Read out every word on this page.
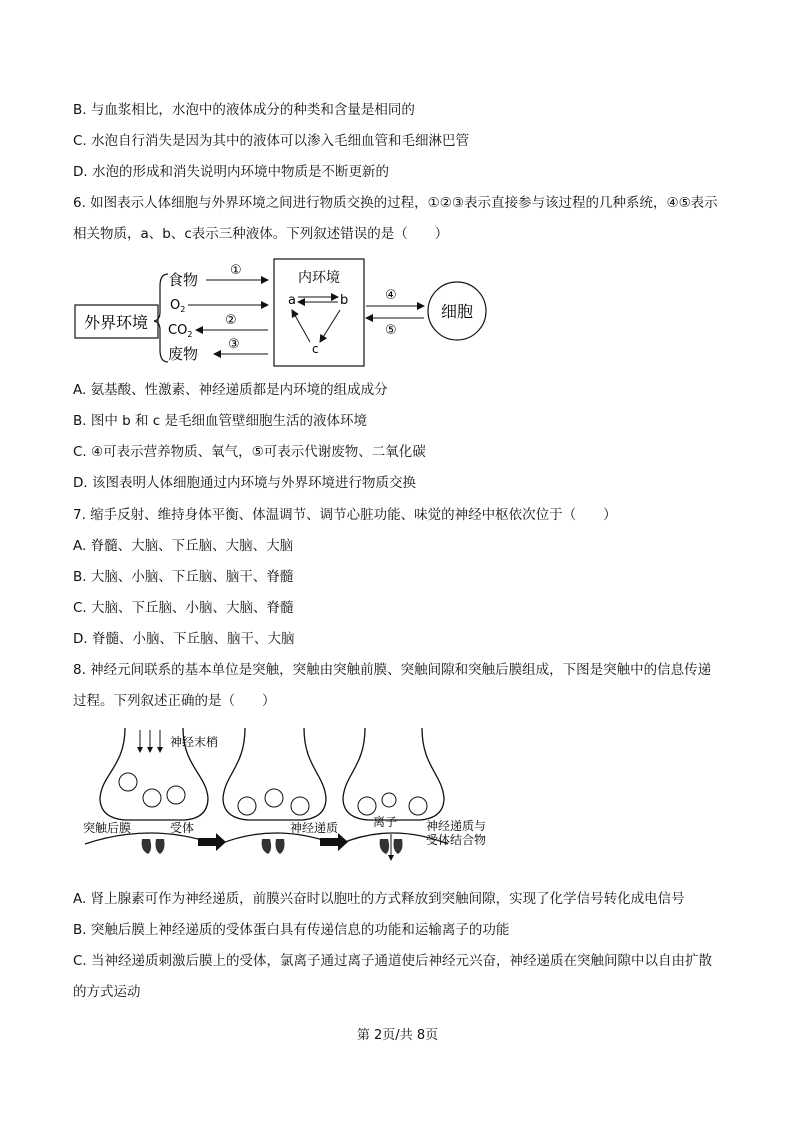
B. 与血浆相比，水泡中的液体成分的种类和含量是相同的
C. 水泡自行消失是因为其中的液体可以渗入毛细血管和毛细淋巴管
D. 水泡的形成和消失说明内环境中物质是不断更新的
6. 如图表示人体细胞与外界环境之间进行物质交换的过程，①②③表示直接参与该过程的几种系统，④⑤表示相关物质，a、b、c表示三种液体。下列叙述错误的是（　　）
外界环境
食物
$O_2$
$CO_2$
废物
①
②
③
内环境
a	b
c
④
⑤
细胞
A. 氨基酸、性激素、神经递质都是内环境的组成成分
B. 图中 b 和 c 是毛细血管壁细胞生活的液体环境
C. ④可表示营养物质、氧气，⑤可表示代谢废物、二氧化碳
D. 该图表明人体细胞通过内环境与外界环境进行物质交换
7. 缩手反射、维持身体平衡、体温调节、调节心脏功能、味觉的神经中枢依次位于（　　）
A. 脊髓、大脑、下丘脑、大脑、大脑
B. 大脑、小脑、下丘脑、脑干、脊髓
C. 大脑、下丘脑、小脑、大脑、脊髓
D. 脊髓、小脑、下丘脑、脑干、大脑
8. 神经元间联系的基本单位是突触，突触由突触前膜、突触间隙和突触后膜组成，下图是突触中的信息传递过程。下列叙述正确的是（　　）
神经末梢
突触后膜	受体	神经递质	离子 神经递质与
受体结合物
A. 肾上腺素可作为神经递质，前膜兴奋时以胞吐的方式释放到突触间隙，实现了化学信号转化成电信号
B. 突触后膜上神经递质的受体蛋白具有传递信息的功能和运输离子的功能
C. 当神经递质刺激后膜上的受体，氯离子通过离子通道使后神经元兴奋，神经递质在突触间隙中以自由扩散的方式运动
第 2页/共 8页
